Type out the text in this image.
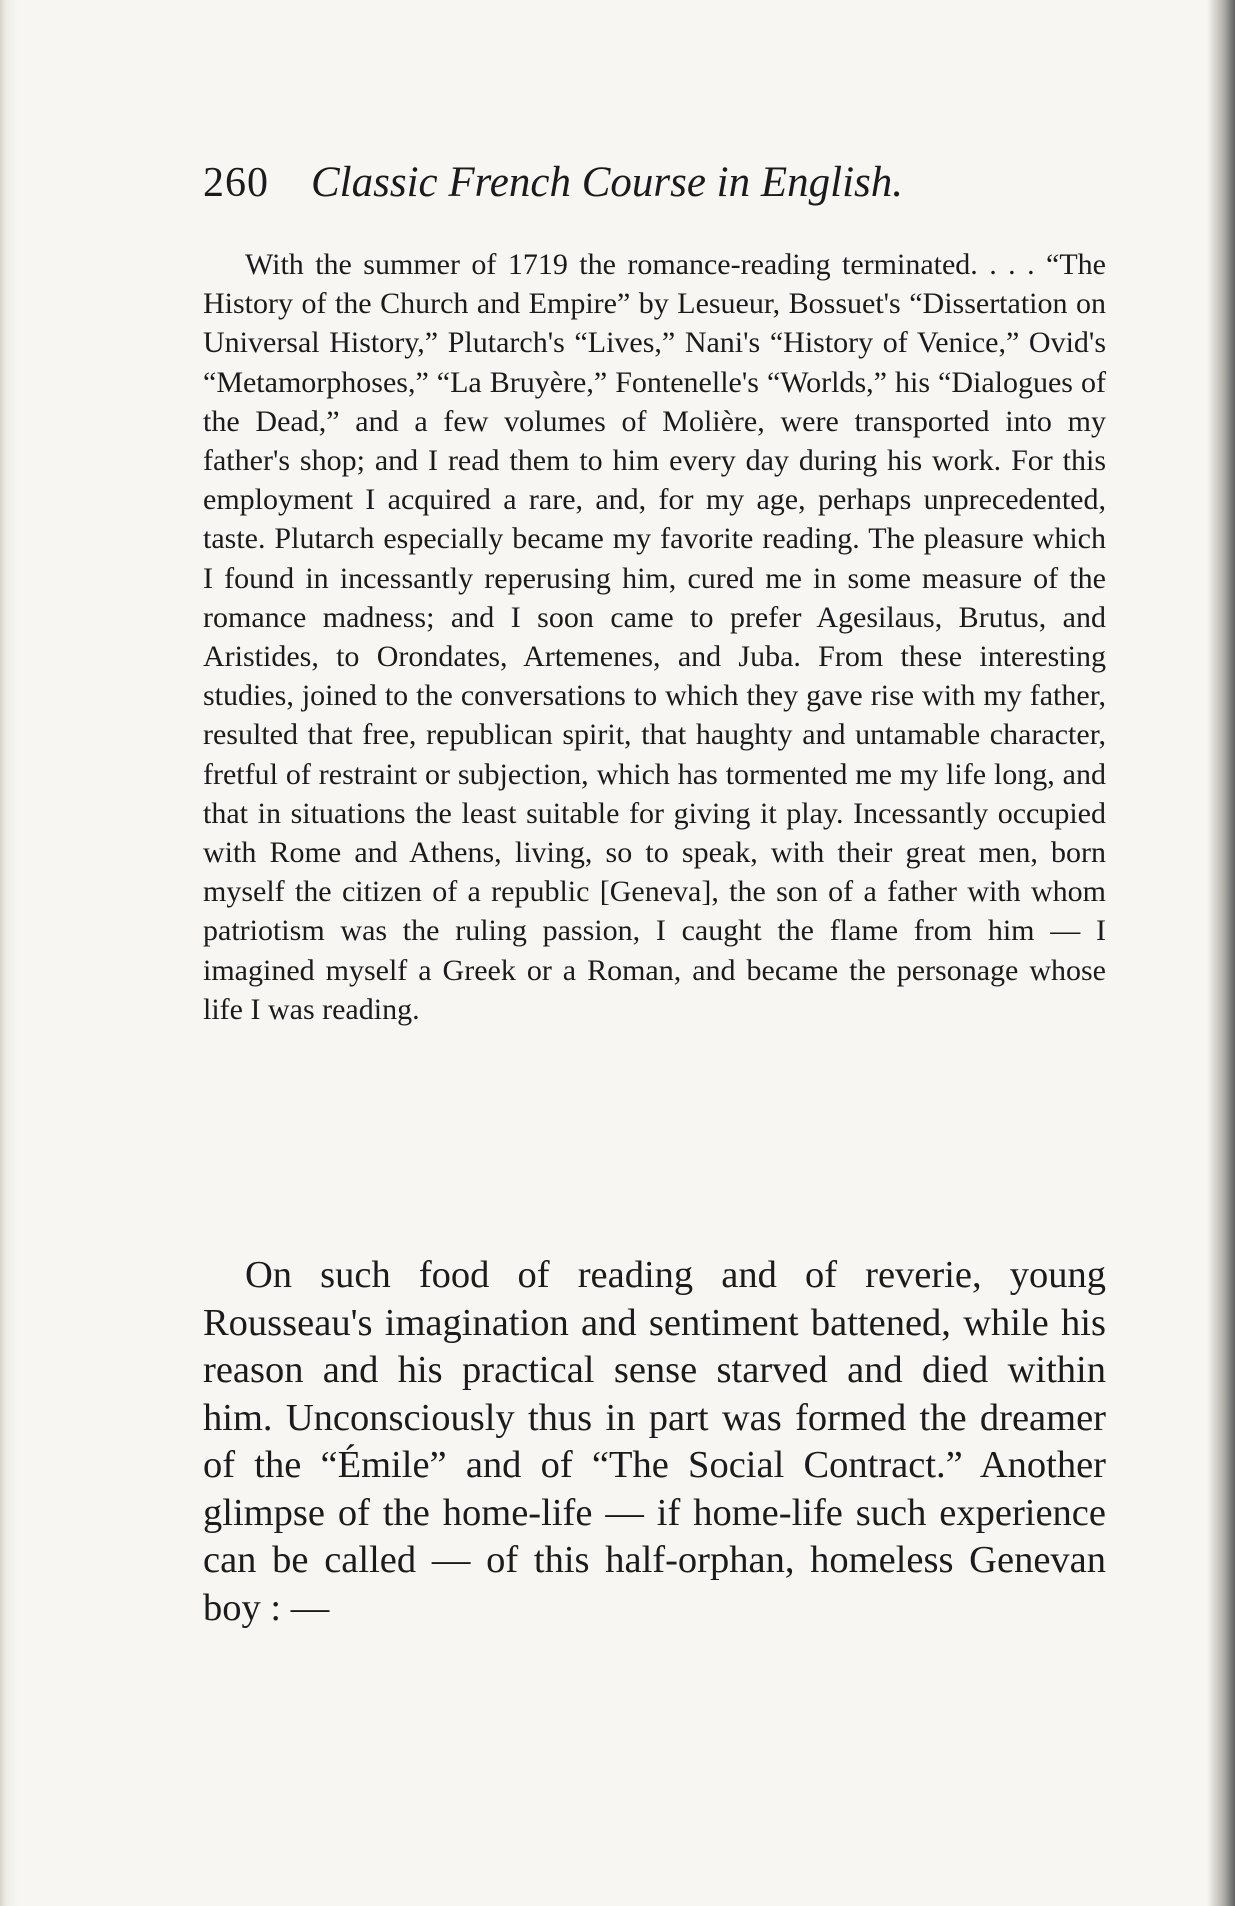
260 Classic French Course in English.

With the summer of 1719 the romance-reading terminated. . . . “The History of the Church and Empire” by Lesueur, Bossuet's “Dissertation on Universal History,” Plutarch's “Lives,” Nani's “History of Venice,” Ovid's “Metamorphoses,” “La Bruyère,” Fontenelle's “Worlds,” his “Dialogues of the Dead,” and a few volumes of Molière, were transported into my father's shop; and I read them to him every day during his work. For this employment I acquired a rare, and, for my age, perhaps unprecedented, taste. Plutarch especially became my favorite reading. The pleasure which I found in incessantly reperusing him, cured me in some measure of the romance madness; and I soon came to prefer Agesilaus, Brutus, and Aristides, to Orondates, Artemenes, and Juba. From these interesting studies, joined to the conversations to which they gave rise with my father, resulted that free, republican spirit, that haughty and untamable character, fretful of restraint or subjection, which has tormented me my life long, and that in situations the least suitable for giving it play. Incessantly occupied with Rome and Athens, living, so to speak, with their great men, born myself the citizen of a republic [Geneva], the son of a father with whom patriotism was the ruling passion, I caught the flame from him — I imagined myself a Greek or a Roman, and became the personage whose life I was reading.

On such food of reading and of reverie, young Rousseau's imagination and sentiment battened, while his reason and his practical sense starved and died within him. Unconsciously thus in part was formed the dreamer of the “Émile” and of “The Social Contract.” Another glimpse of the home-life — if home-life such experience can be called — of this half-orphan, homeless Genevan boy : —
